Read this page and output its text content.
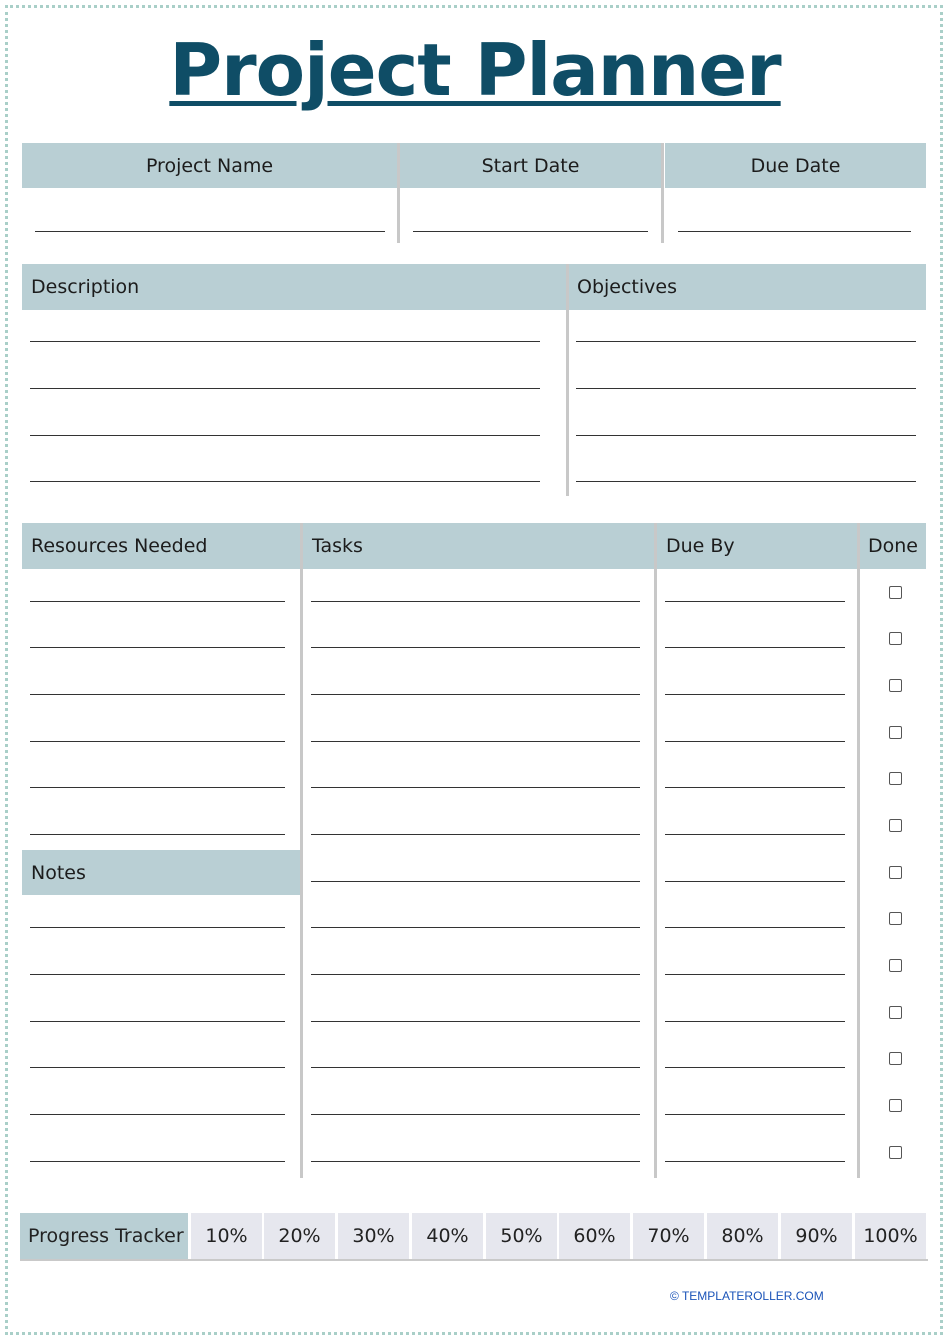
Project Planner
Project Name	Start Date	Due Date
Description	Objectives
Resources Needed	Tasks	Due By	Done
Notes
Progress Tracker	10%	20%	30%	40%	50%	60%	70%	80%	90%	100%
© TEMPLATEROLLER.COM
